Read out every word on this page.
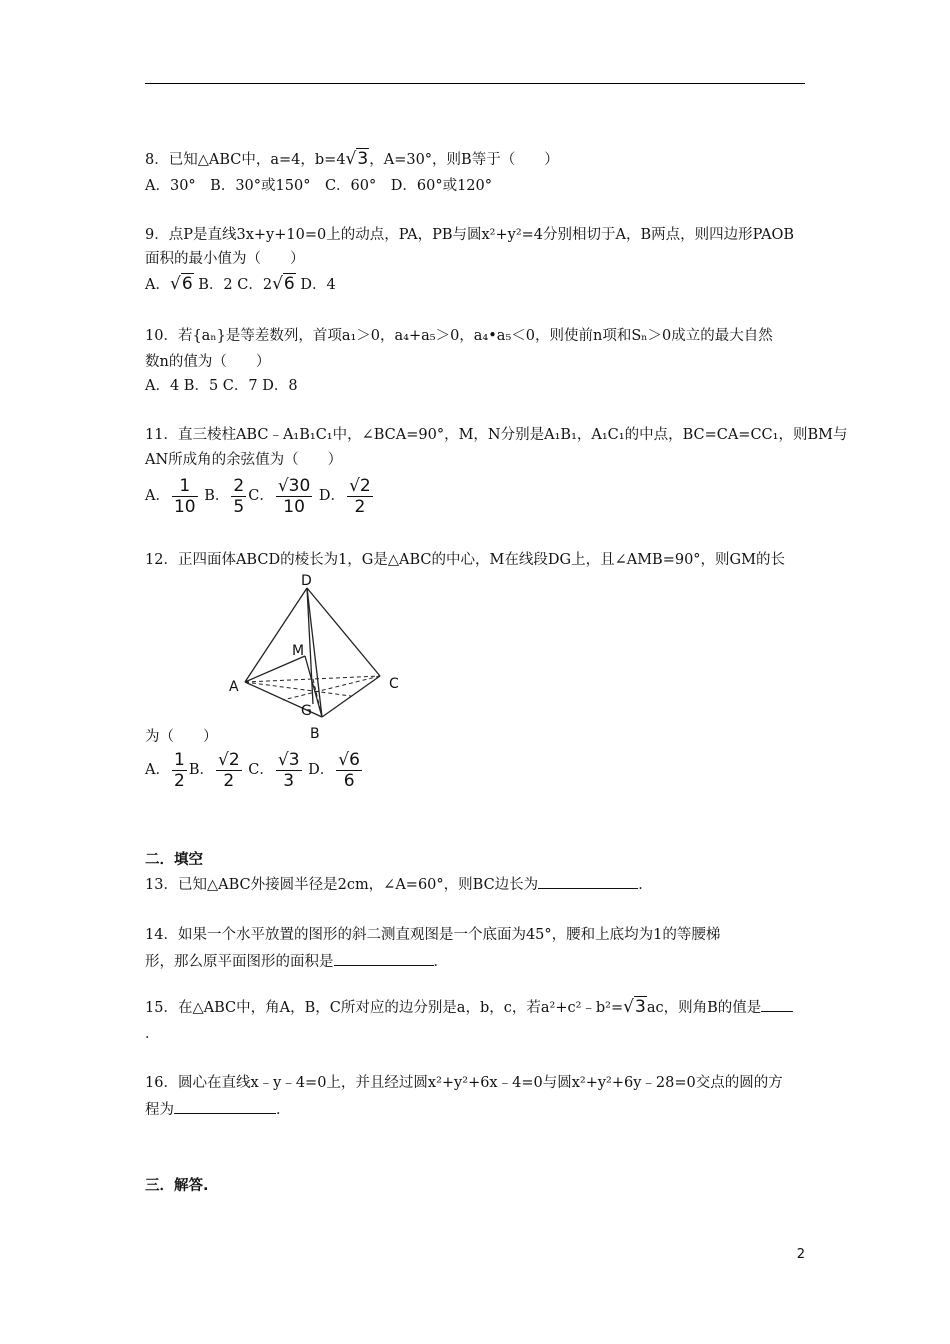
8．已知△ABC中，a=4，b=4√3，A=30°，则B等于（　　）
A．30°　B．30°或150°　C．60°　D．60°或120°
9．点P是直线3x+y+10=0上的动点，PA，PB与圆x²+y²=4分别相切于A，B两点，则四边形PAOB
面积的最小值为（　　）
A．√6 B．2 C．2√6 D．4
10．若{aₙ}是等差数列，首项a₁＞0，a₄+a₅＞0，a₄•a₅＜0，则使前n项和Sₙ＞0成立的最大自然
数n的值为（　　）
A．4 B．5 C．7 D．8
11．直三棱柱ABC﹣A₁B₁C₁中，∠BCA=90°，M，N分别是A₁B₁，A₁C₁的中点，BC=CA=CC₁，则BM与
AN所成角的余弦值为（　　）
A． $\frac{1}{10}$ B． $\frac{2}{5}$ C． $\frac{√30}{10}$ D． $\frac{√2}{2}$
12．正四面体ABCD的棱长为1，G是△ABC的中心，M在线段DG上，且∠AMB=90°，则GM的长
D
M
A	C
G
B
为（　　）
A． $\frac{1}{2}$ B． $\frac{√2}{2}$ C． $\frac{√3}{3}$ D． $\frac{√6}{6}$
二．填空
13．已知△ABC外接圆半径是2cm，∠A=60°，则BC边长为	．
14．如果一个水平放置的图形的斜二测直观图是一个底面为45°，腰和上底均为1的等腰梯
形，那么原平面图形的面积是	．
15．在△ABC中，角A，B，C所对应的边分别是a，b，c，若a²+c²﹣b²=√3ac，则角B的值是
．
16．圆心在直线x﹣y﹣4=0上，并且经过圆x²+y²+6x﹣4=0与圆x²+y²+6y﹣28=0交点的圆的方
程为	．
三．解答.
2
